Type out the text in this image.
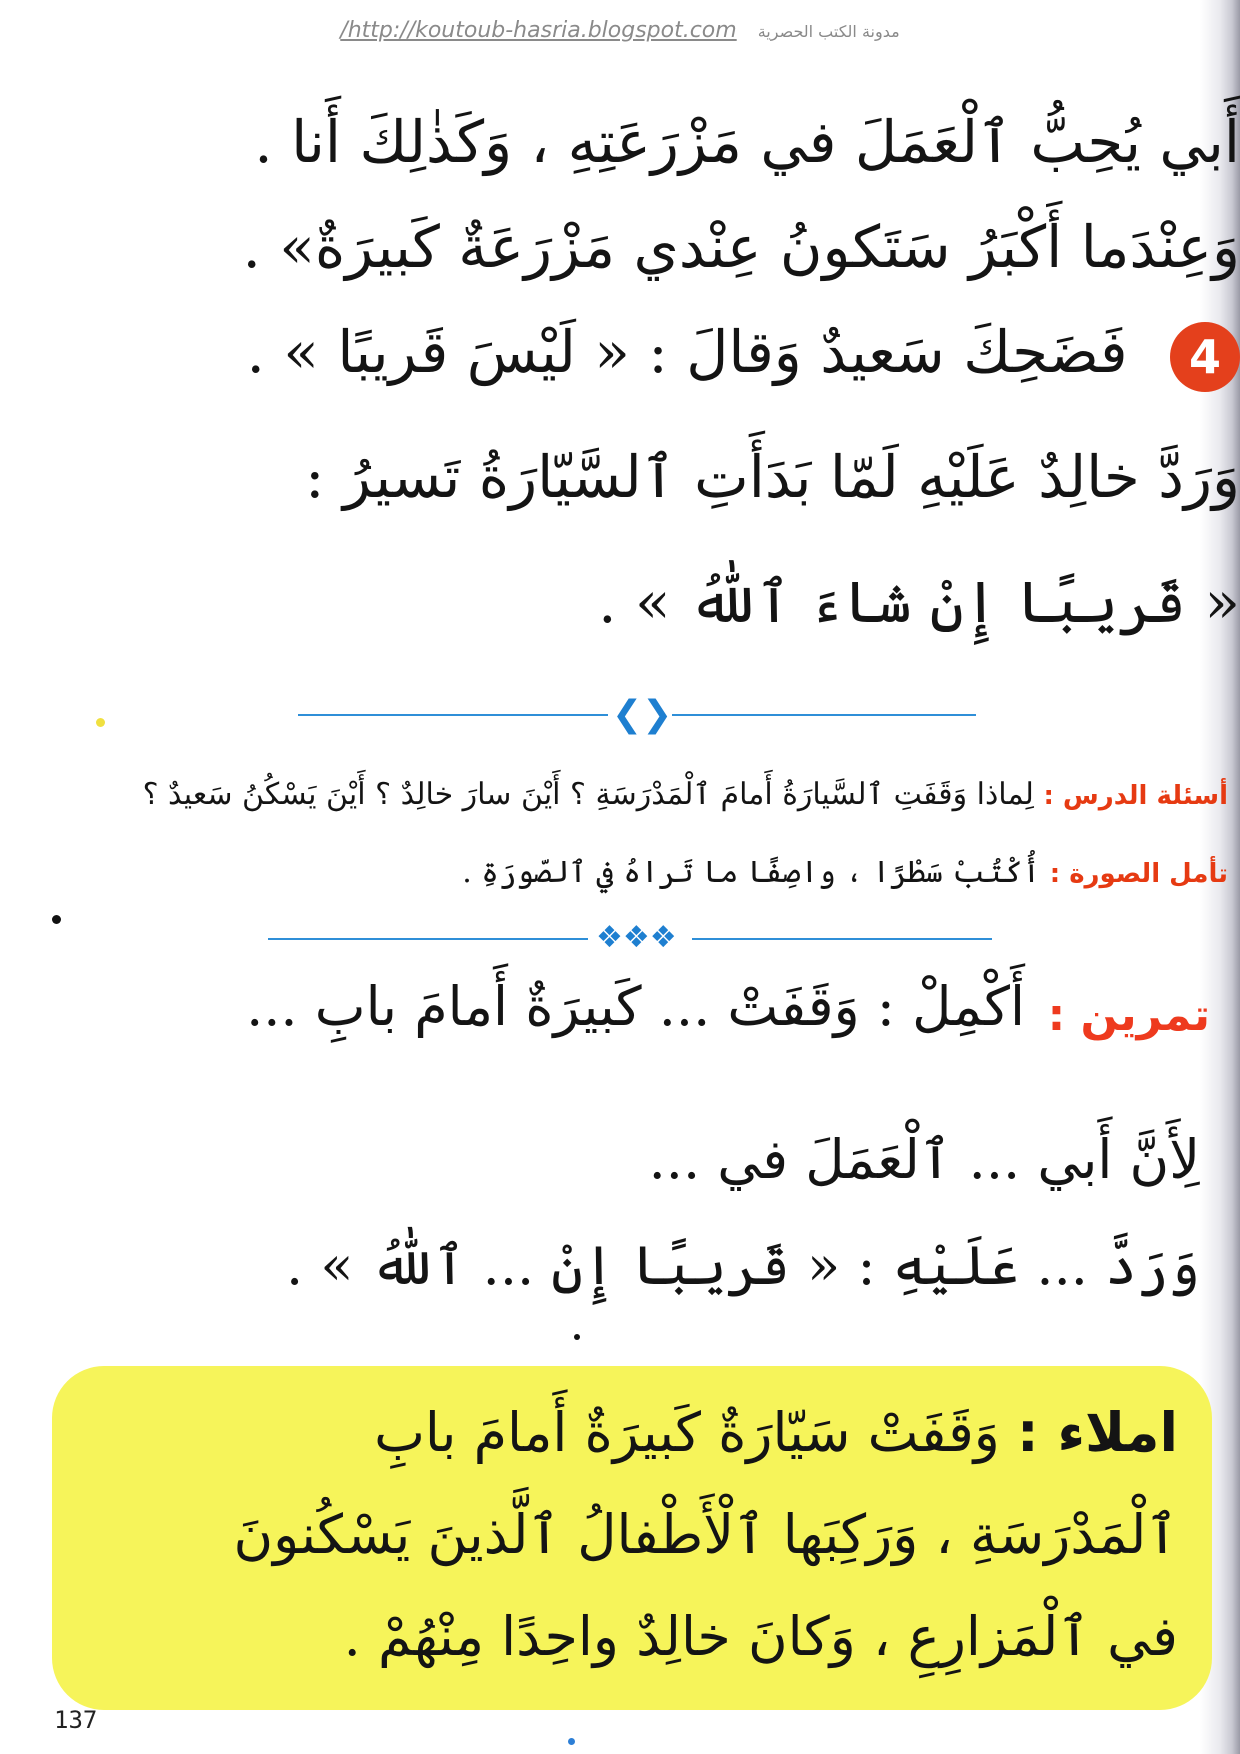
/http://koutoub-hasria.blogspot.com مدونة الكتب الحصرية
أَبي يُحِبُّ ٱلْعَمَلَ في مَزْرَعَتِهِ ، وَكَذٰلِكَ أَنا .
وَعِنْدَما أَكْبَرُ سَتَكونُ عِنْدي مَزْرَعَةٌ كَبيرَةٌ» .
4 فَضَحِكَ سَعيدٌ وَقالَ : « لَيْسَ قَريبًا » .
وَرَدَّ خالِدٌ عَلَيْهِ لَمّا بَدَأَتِ ٱلسَّيّارَةُ تَسيرُ :
« قَريبًا إِنْ شاءَ ٱللّٰهُ » .
❮❯
أسئلة الدرس : لِماذا وَقَفَتِ ٱلسَّيارَةُ أَمامَ ٱلْمَدْرَسَةِ ؟ أَيْنَ سارَ خالِدٌ ؟ أَيْنَ يَسْكُنُ سَعيدٌ ؟
تأمل الصورة : أُكْتُبْ سَطْرًا ، واصِفًا ما تَراهُ في ٱلصّورَةِ .
❖❖❖
تمرين :
أَكْمِلْ : وَقَفَتْ ... كَبيرَةٌ أَمامَ بابِ ...
لِأَنَّ أَبي ... ٱلْعَمَلَ في ...
وَرَدَّ ... عَلَيْهِ : « قَريبًا إِنْ ... ٱللّٰهُ » .
املاء : وَقَفَتْ سَيّارَةٌ كَبيرَةٌ أَمامَ بابِ
ٱلْمَدْرَسَةِ ، وَرَكِبَها ٱلْأَطْفالُ ٱلَّذينَ يَسْكُنونَ
في ٱلْمَزارِعِ ، وَكانَ خالِدٌ واحِدًا مِنْهُمْ .
137
